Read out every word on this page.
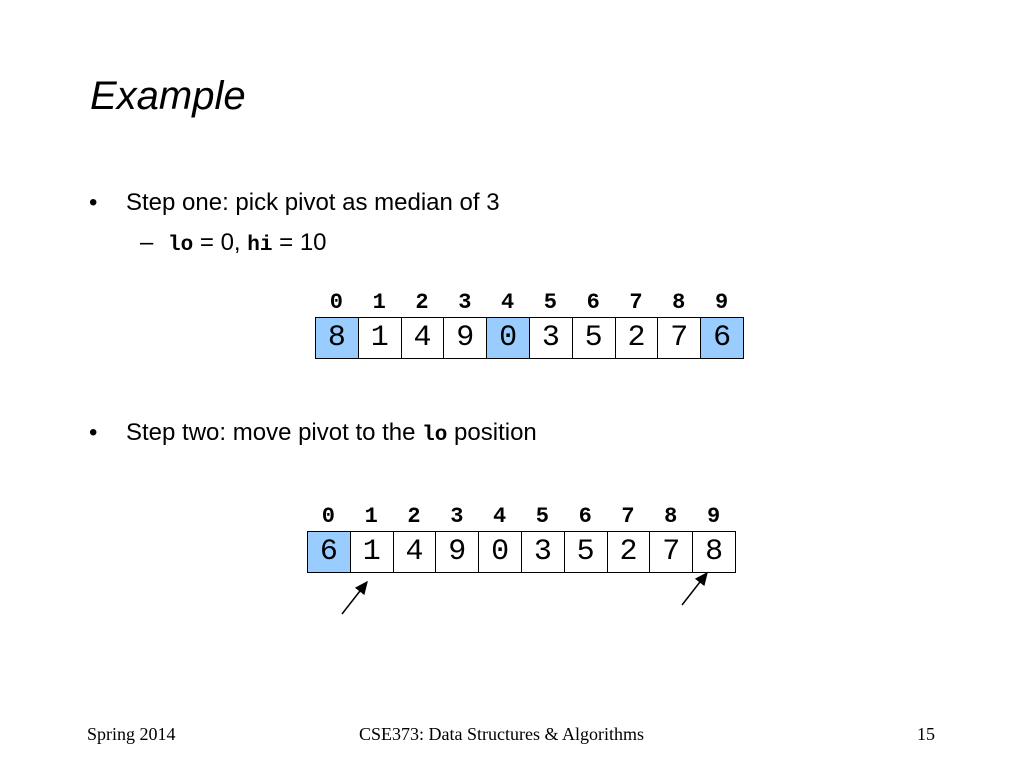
Example
• Step one: pick pivot as median of 3
– lo = 0, hi = 10
0	1	2	3	4	5	6	7	8	9
8 1 4 9 0 3 5 2 7 6
• Step two: move pivot to the lo position
0	1	2	3	4	5	6	7	8	9
6 1 4 9 0 3 5 2 7 8
Spring 2014	CSE373: Data Structures & Algorithms	15
